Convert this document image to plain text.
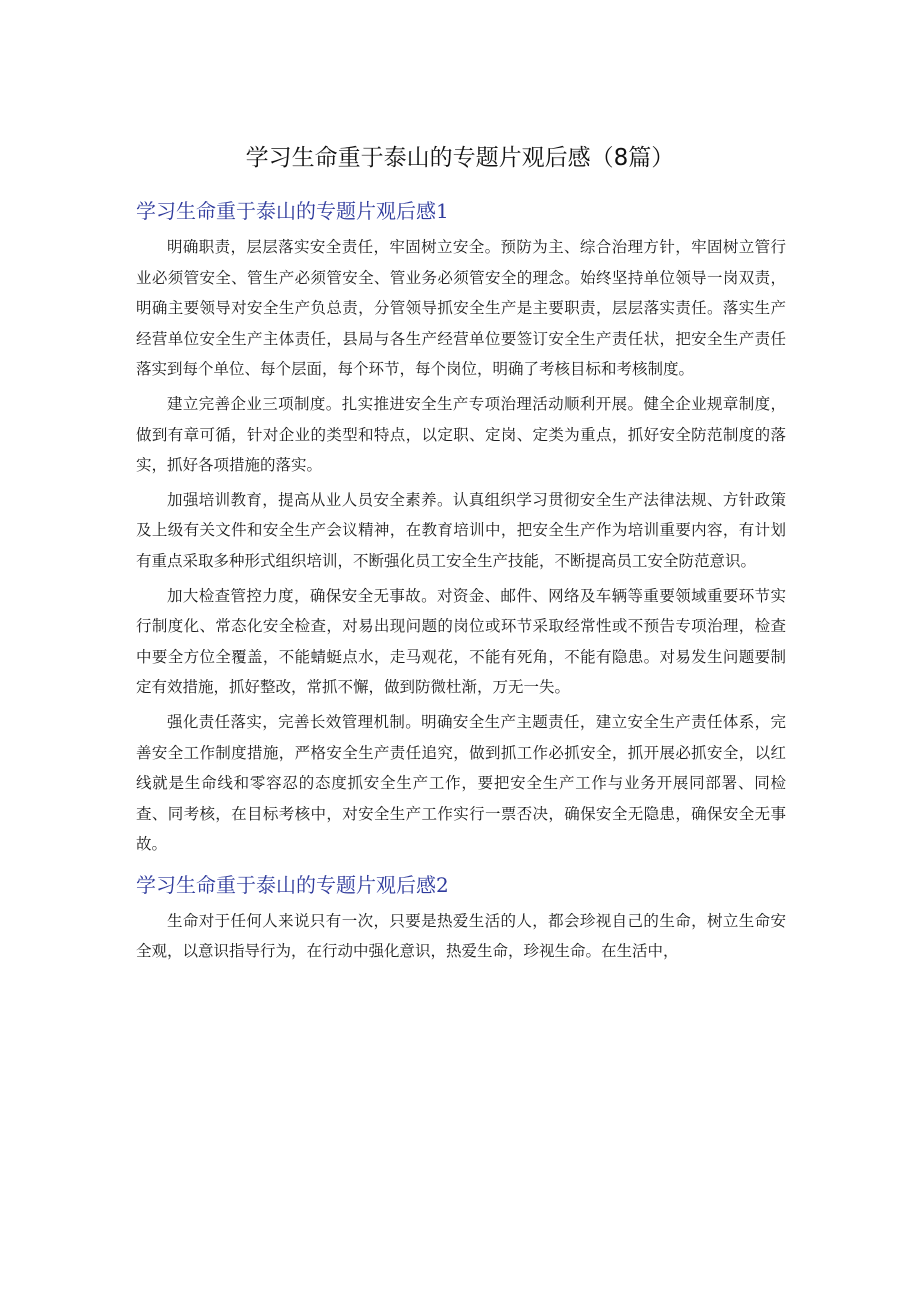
学习生命重于泰山的专题片观后感（8篇）
学习生命重于泰山的专题片观后感1

明确职责，层层落实安全责任，牢固树立安全。预防为主、综合治理方针，牢固树立管行业必须管安全、管生产必须管安全、管业务必须管安全的理念。始终坚持单位领导一岗双责，明确主要领导对安全生产负总责，分管领导抓安全生产是主要职责，层层落实责任。落实生产经营单位安全生产主体责任，县局与各生产经营单位要签订安全生产责任状，把安全生产责任落实到每个单位、每个层面，每个环节，每个岗位，明确了考核目标和考核制度。

建立完善企业三项制度。扎实推进安全生产专项治理活动顺利开展。健全企业规章制度，做到有章可循，针对企业的类型和特点，以定职、定岗、定类为重点，抓好安全防范制度的落实，抓好各项措施的落实。

加强培训教育，提高从业人员安全素养。认真组织学习贯彻安全生产法律法规、方针政策及上级有关文件和安全生产会议精神，在教育培训中，把安全生产作为培训重要内容，有计划有重点采取多种形式组织培训，不断强化员工安全生产技能，不断提高员工安全防范意识。

加大检查管控力度，确保安全无事故。对资金、邮件、网络及车辆等重要领域重要环节实行制度化、常态化安全检查，对易出现问题的岗位或环节采取经常性或不预告专项治理，检查中要全方位全覆盖，不能蜻蜓点水，走马观花，不能有死角，不能有隐患。对易发生问题要制定有效措施，抓好整改，常抓不懈，做到防微杜渐，万无一失。

强化责任落实，完善长效管理机制。明确安全生产主题责任，建立安全生产责任体系，完善安全工作制度措施，严格安全生产责任追究，做到抓工作必抓安全，抓开展必抓安全，以红线就是生命线和零容忍的态度抓安全生产工作，要把安全生产工作与业务开展同部署、同检查、同考核，在目标考核中，对安全生产工作实行一票否决，确保安全无隐患，确保安全无事故。

学习生命重于泰山的专题片观后感2

生命对于任何人来说只有一次，只要是热爱生活的人，都会珍视自己的生命，树立生命安全观，以意识指导行为，在行动中强化意识，热爱生命，珍视生命。在生活中，
